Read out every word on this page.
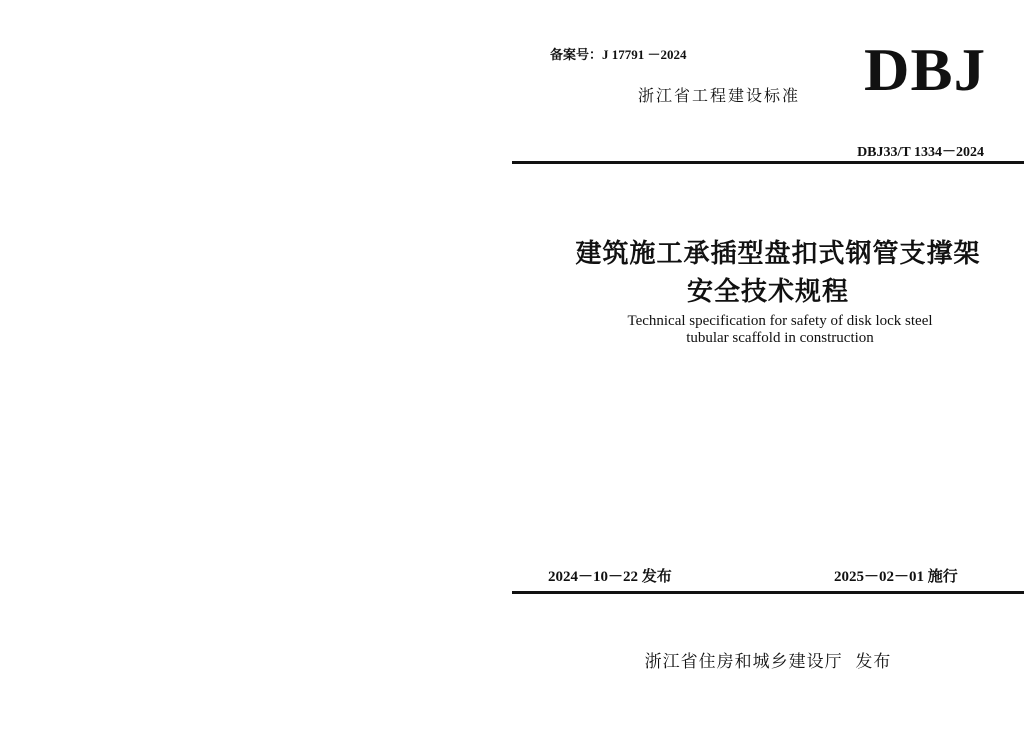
备案号：J 17791 －2024	DBJ
浙江省工程建设标准
DBJ33/T 1334－2024
建筑施工承插型盘扣式钢管支撑架
安全技术规程
Technical specification for safety of disk lock steel
tubular scaffold in construction
2024－10－22 发布	2025－02－01 施行
浙江省住房和城乡建设厅  发布
